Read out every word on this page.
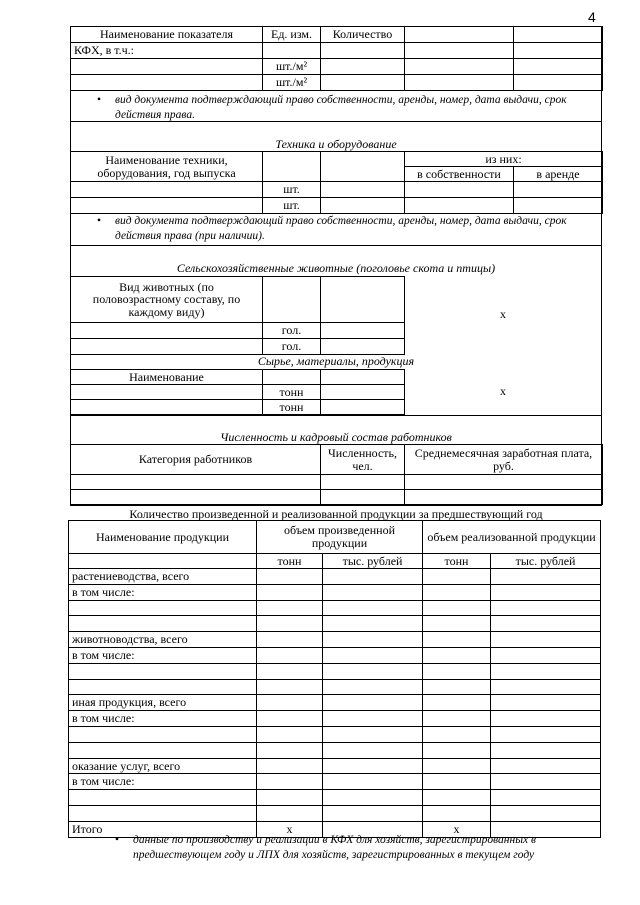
4
Наименование показателя	Ед. изм.	Количество		
КФХ, в т.ч.:				
	шт./м²			
	шт./м²			
• вид документа подтверждающий право собственности, аренды, номер, дата выдачи, срок действия права.
Техника и оборудование
Наименование техники, оборудования, год выпуска			из них:	
			в собственности	в аренде
	шт.			
	шт.			
• вид документа подтверждающий право собственности, аренды, номер, дата выдачи, срок действия права (при наличии).
Сельскохозяйственные животные (поголовье скота и птицы)
Вид животных (по половозрастному составу, по каждому виду)		
	гол.	
	гол.	
х
Сырье, материалы, продукция
Наименование		
	тонн	
	тонн	
х
Численность и кадровый состав работников
Категория работников	Численность, чел.	Среднемесячная заработная плата, руб.

Количество произведенной и реализованной продукции за предшествующий год
Наименование продукции	объем произведенной продукции		объем реализованной продукции	
	тонн	тыс. рублей	тонн	тыс. рублей
растениеводства, всего				
в том числе:				

животноводства, всего				
в том числе:				

иная продукция, всего				
в том числе:				

оказание услуг, всего				
в том числе:				

Итого	х		х	
• данные по производству и реализации в КФХ для хозяйств, зарегистрированных в предшествующем году и ЛПХ для хозяйств, зарегистрированных в текущем году
